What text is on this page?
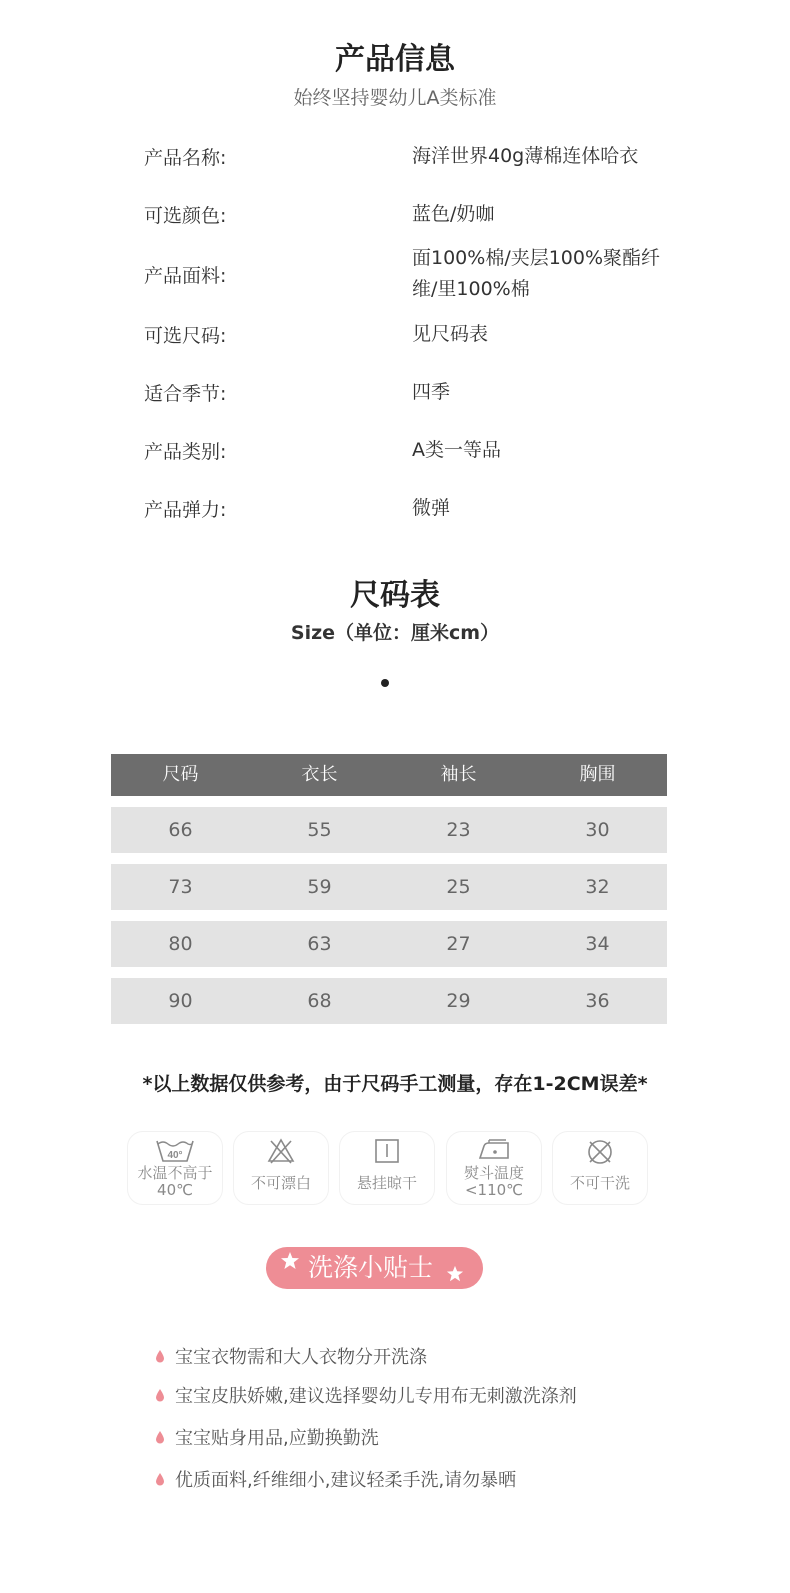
产品信息
始终坚持婴幼儿A类标准
产品名称:	海洋世界40g薄棉连体哈衣
可选颜色:	蓝色/奶咖
产品面料:
面100%棉/夹层100%聚酯纤维/里100%棉
可选尺码:	见尺码表
适合季节:	四季
产品类别:	A类一等品
产品弹力:	微弹
尺码表
Size（单位：厘米cm）
尺码	衣长	袖长	胸围
66	55	23	30
73	59	25	32
80	63	27	34
90	68	29	36
*以上数据仅供参考，由于尺码手工测量，存在1-2CM误差*
40°
水温不高于40℃	不可漂白	悬挂晾干
熨斗温度<110℃	不可干洗
洗涤小贴士
宝宝衣物需和大人衣物分开洗涤
宝宝皮肤娇嫩,建议选择婴幼儿专用布无刺激洗涤剂
宝宝贴身用品,应勤换勤洗
优质面料,纤维细小,建议轻柔手洗,请勿暴晒
